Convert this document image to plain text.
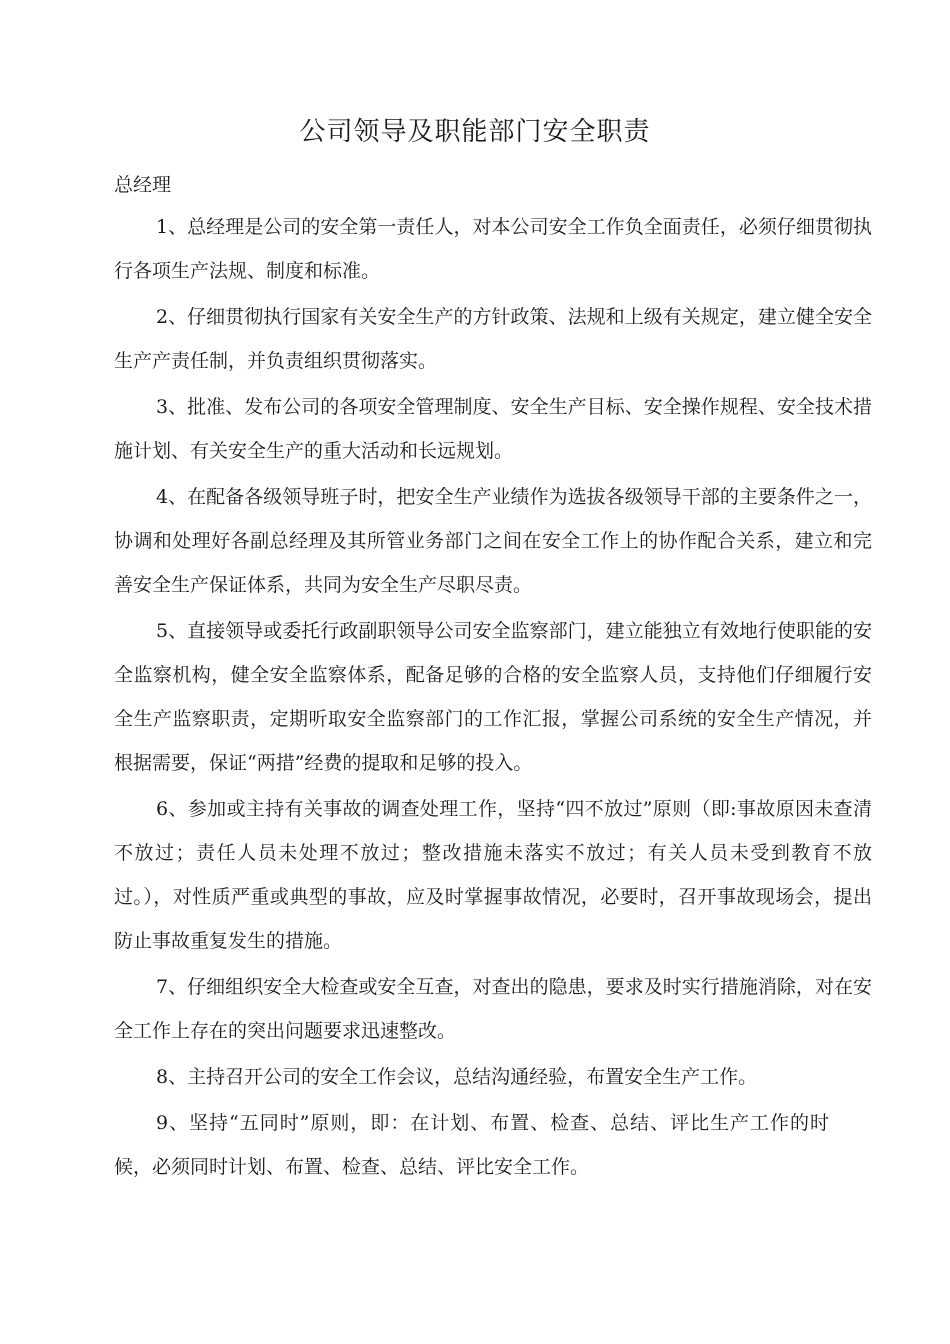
公司领导及职能部门安全职责
总经理

1、总经理是公司的安全第一责任人，对本公司安全工作负全面责任，必须仔细贯彻执行各项生产法规、制度和标准。

2、仔细贯彻执行国家有关安全生产的方针政策、法规和上级有关规定，建立健全安全生产产责任制，并负责组织贯彻落实。

3、批准、发布公司的各项安全管理制度、安全生产目标、安全操作规程、安全技术措施计划、有关安全生产的重大活动和长远规划。

4、在配备各级领导班子时，把安全生产业绩作为选拔各级领导干部的主要条件之一，协调和处理好各副总经理及其所管业务部门之间在安全工作上的协作配合关系，建立和完善安全生产保证体系，共同为安全生产尽职尽责。

5、直接领导或委托行政副职领导公司安全监察部门，建立能独立有效地行使职能的安全监察机构，健全安全监察体系，配备足够的合格的安全监察人员，支持他们仔细履行安全生产监察职责，定期听取安全监察部门的工作汇报，掌握公司系统的安全生产情况，并根据需要，保证“两措”经费的提取和足够的投入。

6、参加或主持有关事故的调查处理工作，坚持“四不放过”原则（即:事故原因未查清不放过；责任人员未处理不放过；整改措施未落实不放过；有关人员未受到教育不放过。），对性质严重或典型的事故，应及时掌握事故情况，必要时，召开事故现场会，提出防止事故重复发生的措施。

7、仔细组织安全大检查或安全互查，对查出的隐患，要求及时实行措施消除，对在安全工作上存在的突出问题要求迅速整改。

8、主持召开公司的安全工作会议，总结沟通经验，布置安全生产工作。

9、坚持“五同时”原则，即：在计划、布置、检查、总结、评比生产工作的时候，必须同时计划、布置、检查、总结、评比安全工作。
